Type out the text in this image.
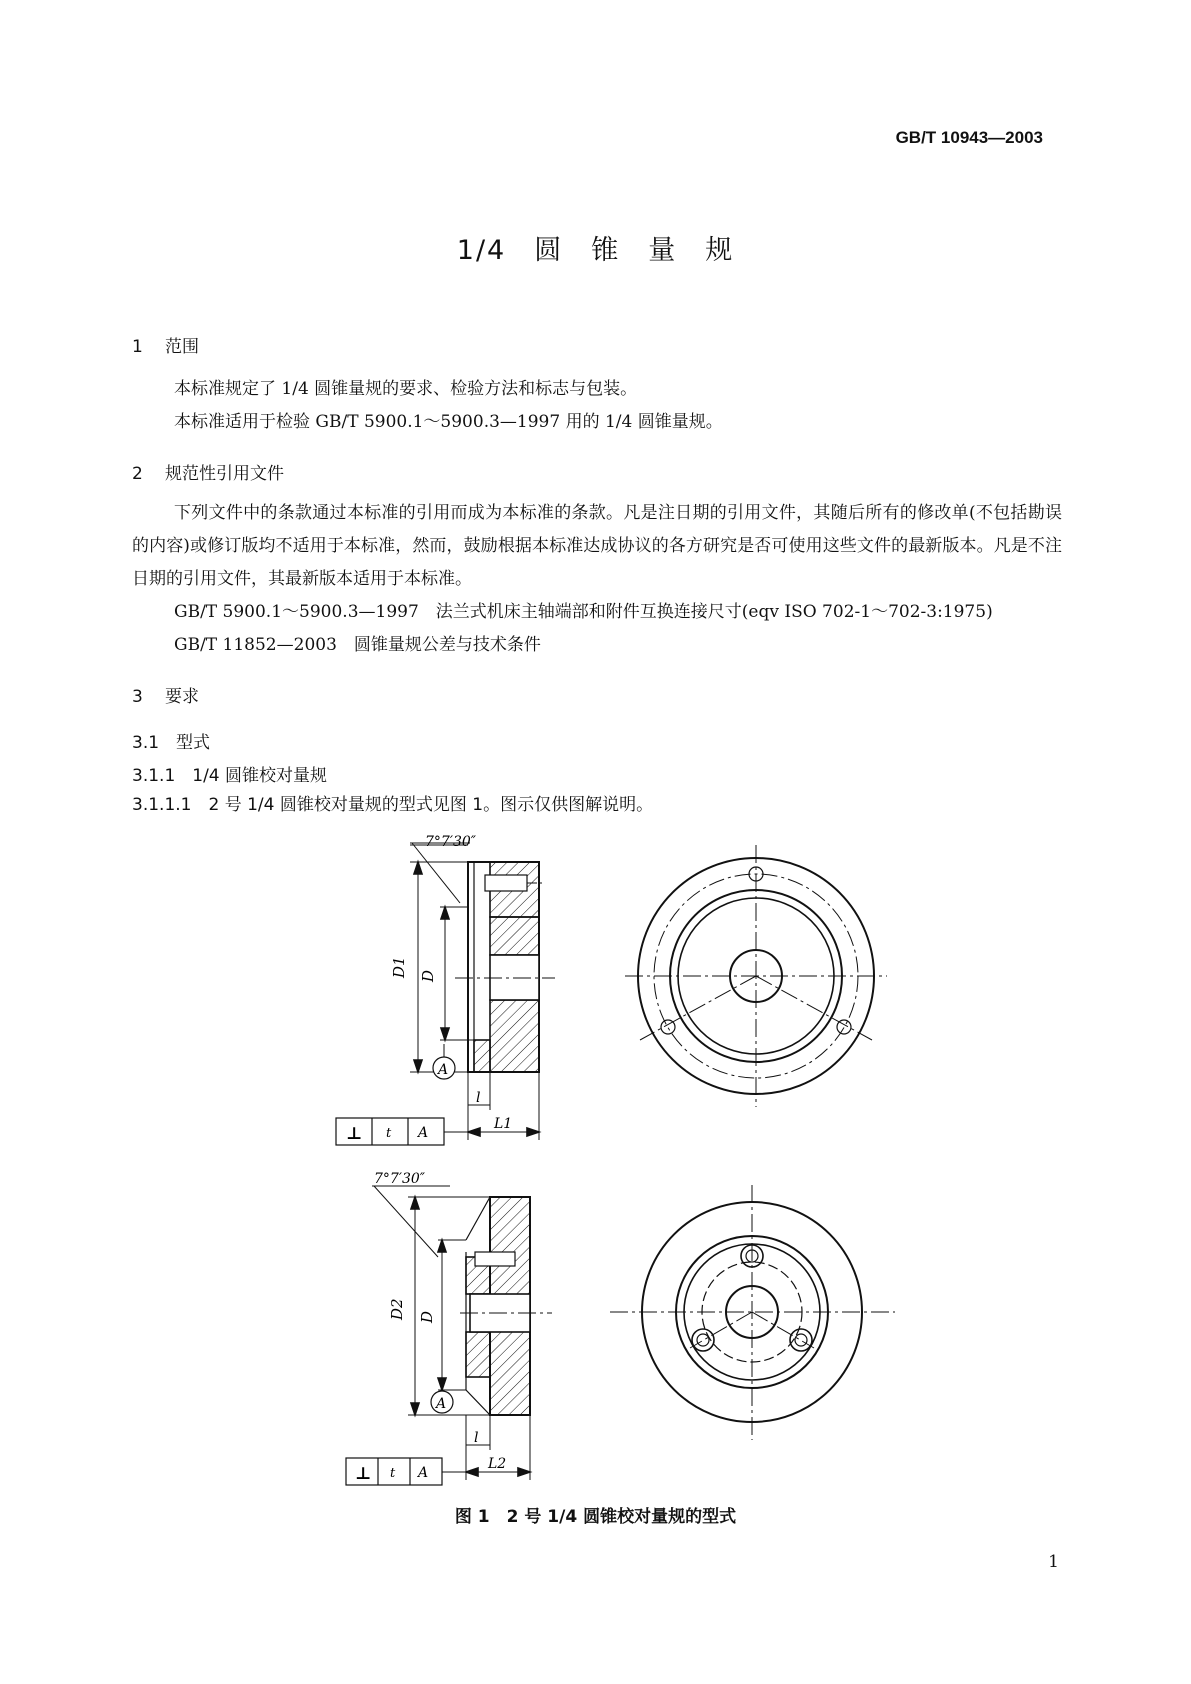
GB/T 10943—2003
1/4 圆 锥 量 规
1 范围
本标准规定了 1/4 圆锥量规的要求、检验方法和标志与包装。
本标准适用于检验 GB/T 5900.1～5900.3—1997 用的 1/4 圆锥量规。
2 规范性引用文件
下列文件中的条款通过本标准的引用而成为本标准的条款。凡是注日期的引用文件，其随后所有的修改单(不包括勘误的内容)或修订版均不适用于本标准，然而，鼓励根据本标准达成协议的各方研究是否可使用这些文件的最新版本。凡是不注日期的引用文件，其最新版本适用于本标准。
GB/T 5900.1～5900.3—1997　法兰式机床主轴端部和附件互换连接尺寸(eqv ISO 702-1～702-3:1975)
GB/T 11852—2003　圆锥量规公差与技术条件
3 要求
3.1　型式
3.1.1　1/4 圆锥校对量规
3.1.1.1　2 号 1/4 圆锥校对量规的型式见图 1。图示仅供图解说明。
7°7′30″
D1 D
A
l
L1
⊥ t A
7°7′30″
D2 D
A
l
L2
⊥ t A
图 1　2 号 1/4 圆锥校对量规的型式
1
